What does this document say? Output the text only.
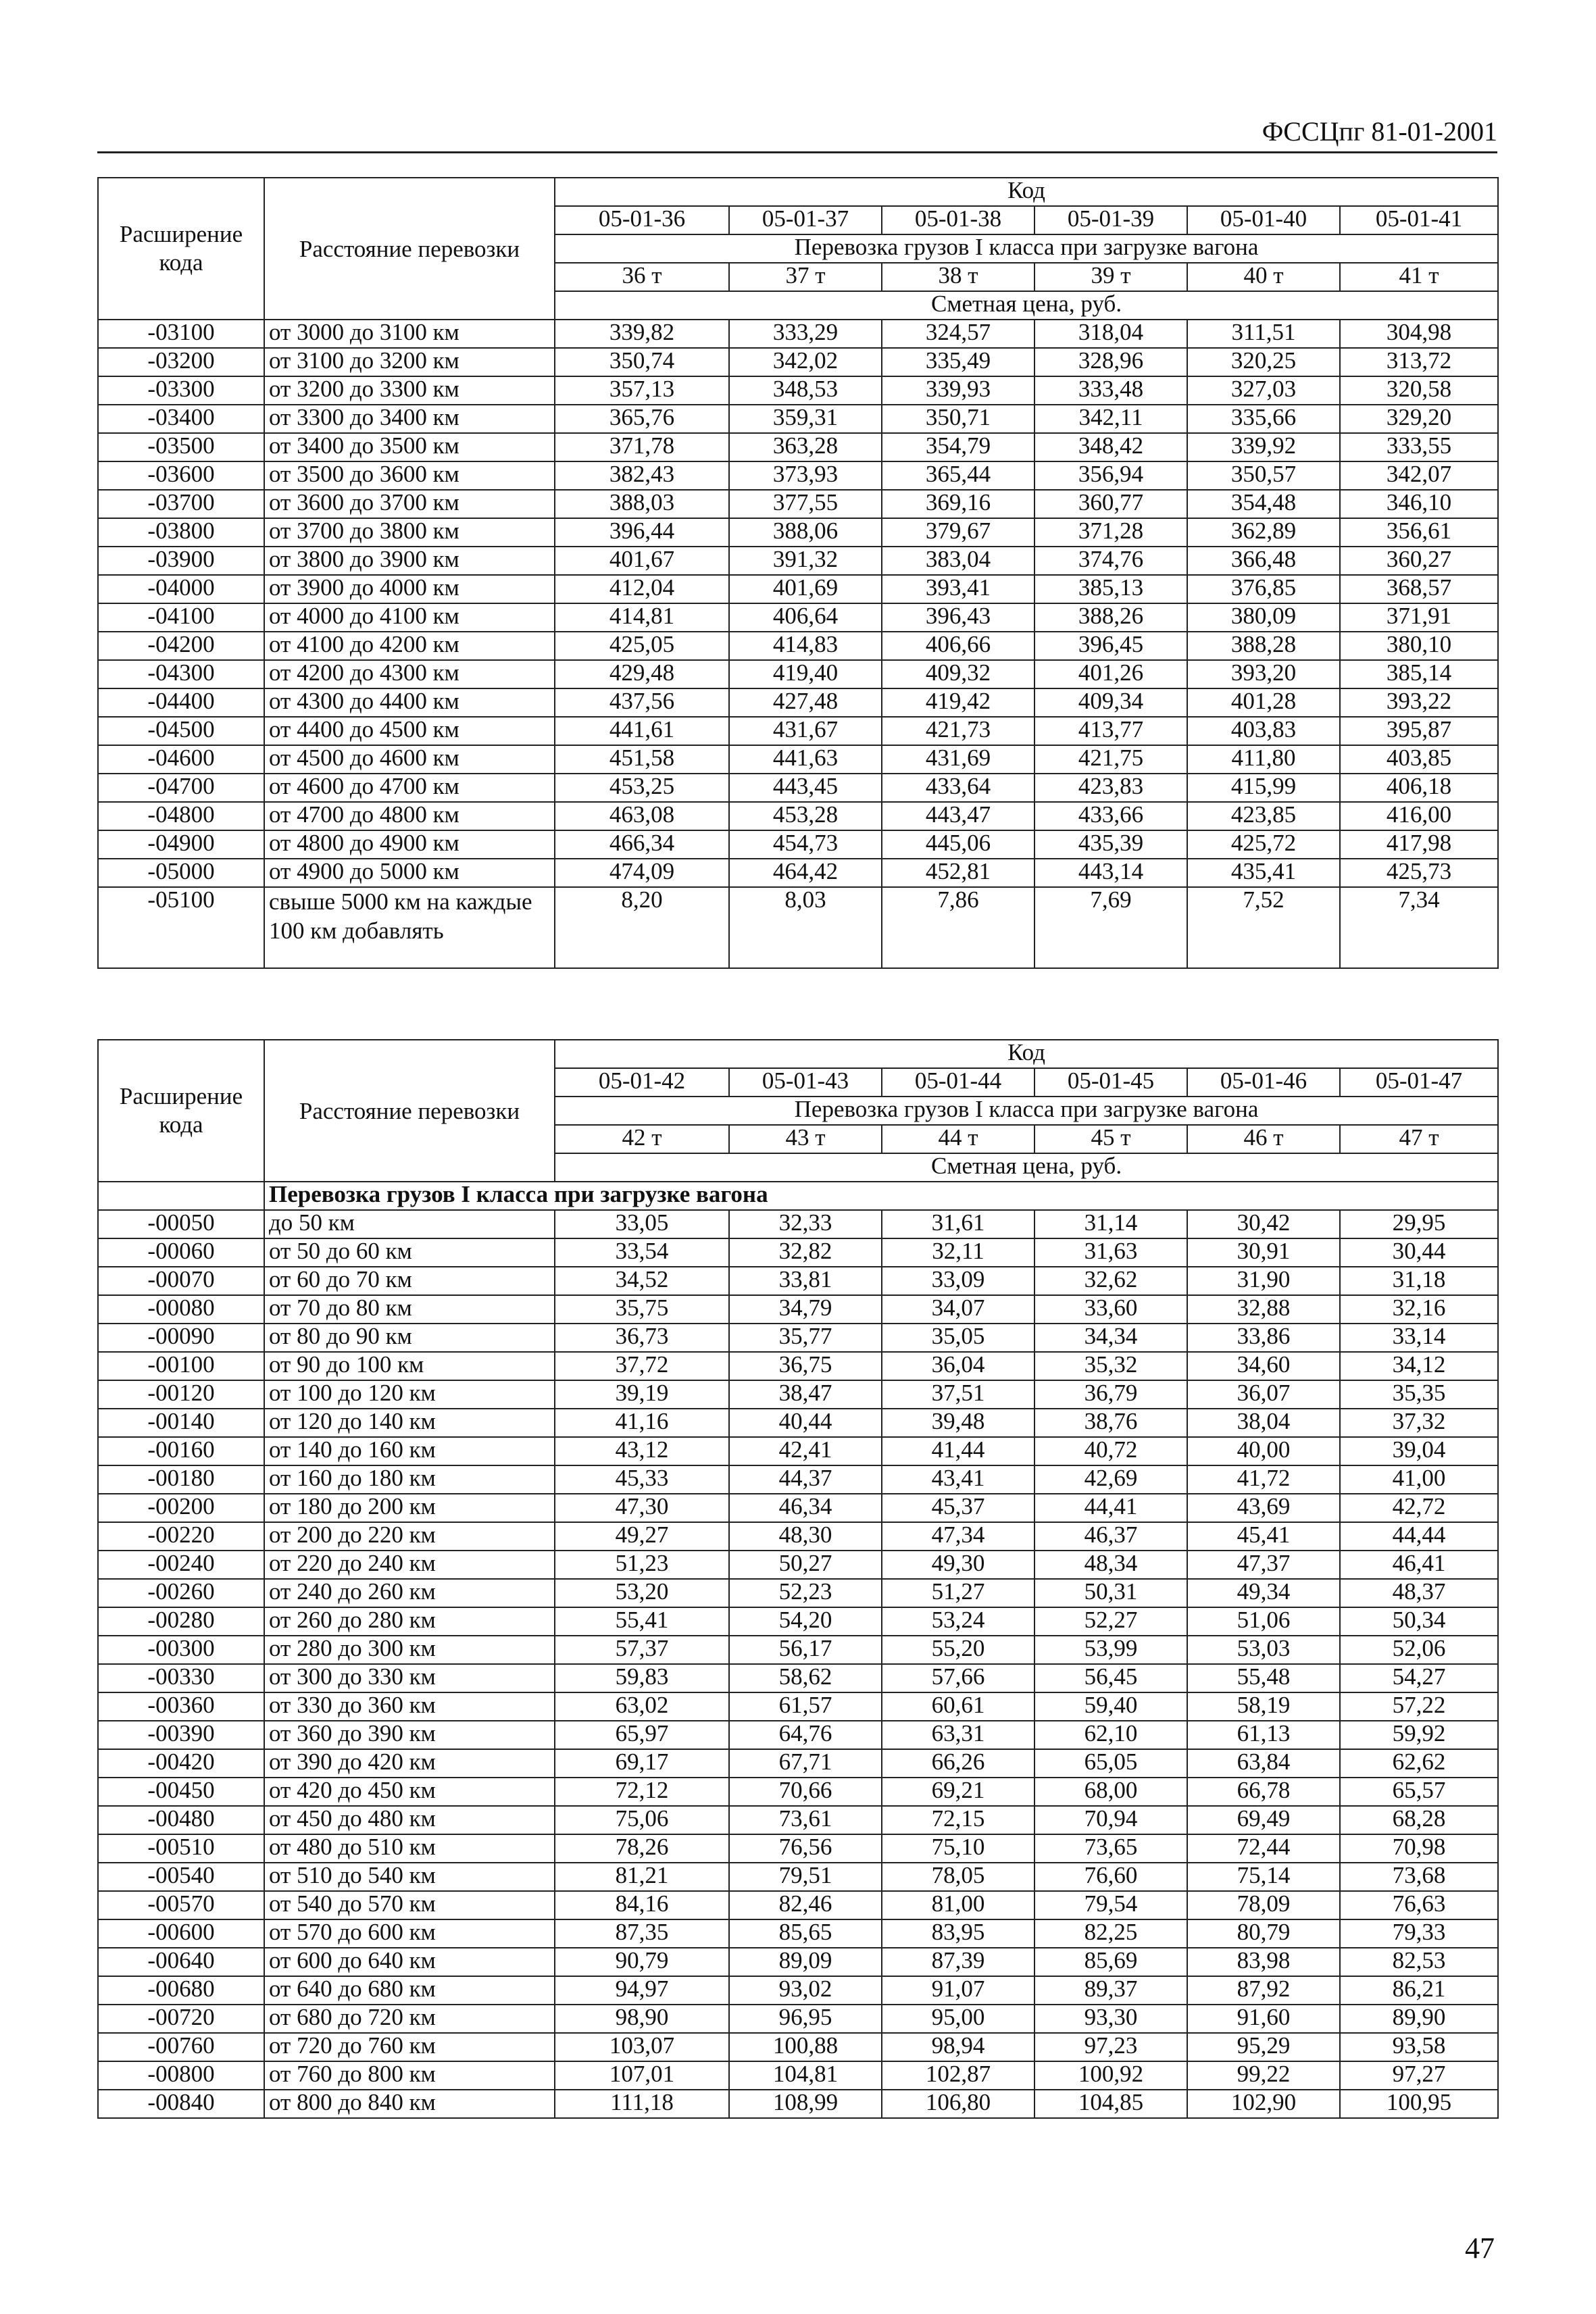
ФССЦпг 81-01-2001
Расширение кода	Расстояние перевозки	Код					
		05-01-36	05-01-37	05-01-38	05-01-39	05-01-40	05-01-41
		Перевозка грузов I класса при загрузке вагона					
		36 т	37 т	38 т	39 т	40 т	41 т
		Сметная цена, руб.					
-03100	от 3000 до 3100 км	339,82	333,29	324,57	318,04	311,51	304,98
-03200	от 3100 до 3200 км	350,74	342,02	335,49	328,96	320,25	313,72
-03300	от 3200 до 3300 км	357,13	348,53	339,93	333,48	327,03	320,58
-03400	от 3300 до 3400 км	365,76	359,31	350,71	342,11	335,66	329,20
-03500	от 3400 до 3500 км	371,78	363,28	354,79	348,42	339,92	333,55
-03600	от 3500 до 3600 км	382,43	373,93	365,44	356,94	350,57	342,07
-03700	от 3600 до 3700 км	388,03	377,55	369,16	360,77	354,48	346,10
-03800	от 3700 до 3800 км	396,44	388,06	379,67	371,28	362,89	356,61
-03900	от 3800 до 3900 км	401,67	391,32	383,04	374,76	366,48	360,27
-04000	от 3900 до 4000 км	412,04	401,69	393,41	385,13	376,85	368,57
-04100	от 4000 до 4100 км	414,81	406,64	396,43	388,26	380,09	371,91
-04200	от 4100 до 4200 км	425,05	414,83	406,66	396,45	388,28	380,10
-04300	от 4200 до 4300 км	429,48	419,40	409,32	401,26	393,20	385,14
-04400	от 4300 до 4400 км	437,56	427,48	419,42	409,34	401,28	393,22
-04500	от 4400 до 4500 км	441,61	431,67	421,73	413,77	403,83	395,87
-04600	от 4500 до 4600 км	451,58	441,63	431,69	421,75	411,80	403,85
-04700	от 4600 до 4700 км	453,25	443,45	433,64	423,83	415,99	406,18
-04800	от 4700 до 4800 км	463,08	453,28	443,47	433,66	423,85	416,00
-04900	от 4800 до 4900 км	466,34	454,73	445,06	435,39	425,72	417,98
-05000	от 4900 до 5000 км	474,09	464,42	452,81	443,14	435,41	425,73
-05100	свыше 5000 км на каждые 100 км добавлять	8,20	8,03	7,86	7,69	7,52	7,34
Расширение кода	Расстояние перевозки	Код					
		05-01-42	05-01-43	05-01-44	05-01-45	05-01-46	05-01-47
		Перевозка грузов I класса при загрузке вагона					
		42 т	43 т	44 т	45 т	46 т	47 т
		Сметная цена, руб.					
	Перевозка грузов I класса при загрузке вагона						
-00050	до 50 км	33,05	32,33	31,61	31,14	30,42	29,95
-00060	от 50 до 60 км	33,54	32,82	32,11	31,63	30,91	30,44
-00070	от 60 до 70 км	34,52	33,81	33,09	32,62	31,90	31,18
-00080	от 70 до 80 км	35,75	34,79	34,07	33,60	32,88	32,16
-00090	от 80 до 90 км	36,73	35,77	35,05	34,34	33,86	33,14
-00100	от 90 до 100 км	37,72	36,75	36,04	35,32	34,60	34,12
-00120	от 100 до 120 км	39,19	38,47	37,51	36,79	36,07	35,35
-00140	от 120 до 140 км	41,16	40,44	39,48	38,76	38,04	37,32
-00160	от 140 до 160 км	43,12	42,41	41,44	40,72	40,00	39,04
-00180	от 160 до 180 км	45,33	44,37	43,41	42,69	41,72	41,00
-00200	от 180 до 200 км	47,30	46,34	45,37	44,41	43,69	42,72
-00220	от 200 до 220 км	49,27	48,30	47,34	46,37	45,41	44,44
-00240	от 220 до 240 км	51,23	50,27	49,30	48,34	47,37	46,41
-00260	от 240 до 260 км	53,20	52,23	51,27	50,31	49,34	48,37
-00280	от 260 до 280 км	55,41	54,20	53,24	52,27	51,06	50,34
-00300	от 280 до 300 км	57,37	56,17	55,20	53,99	53,03	52,06
-00330	от 300 до 330 км	59,83	58,62	57,66	56,45	55,48	54,27
-00360	от 330 до 360 км	63,02	61,57	60,61	59,40	58,19	57,22
-00390	от 360 до 390 км	65,97	64,76	63,31	62,10	61,13	59,92
-00420	от 390 до 420 км	69,17	67,71	66,26	65,05	63,84	62,62
-00450	от 420 до 450 км	72,12	70,66	69,21	68,00	66,78	65,57
-00480	от 450 до 480 км	75,06	73,61	72,15	70,94	69,49	68,28
-00510	от 480 до 510 км	78,26	76,56	75,10	73,65	72,44	70,98
-00540	от 510 до 540 км	81,21	79,51	78,05	76,60	75,14	73,68
-00570	от 540 до 570 км	84,16	82,46	81,00	79,54	78,09	76,63
-00600	от 570 до 600 км	87,35	85,65	83,95	82,25	80,79	79,33
-00640	от 600 до 640 км	90,79	89,09	87,39	85,69	83,98	82,53
-00680	от 640 до 680 км	94,97	93,02	91,07	89,37	87,92	86,21
-00720	от 680 до 720 км	98,90	96,95	95,00	93,30	91,60	89,90
-00760	от 720 до 760 км	103,07	100,88	98,94	97,23	95,29	93,58
-00800	от 760 до 800 км	107,01	104,81	102,87	100,92	99,22	97,27
-00840	от 800 до 840 км	111,18	108,99	106,80	104,85	102,90	100,95
47
